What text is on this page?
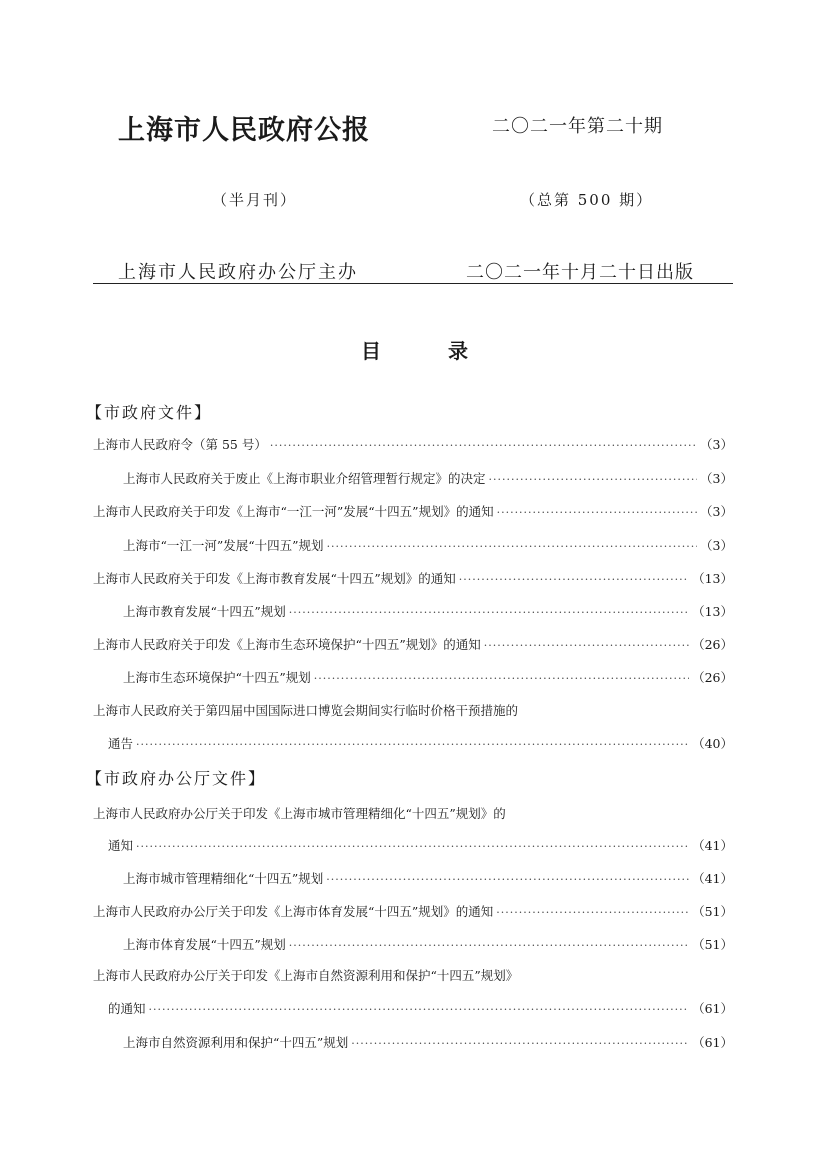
上海市人民政府公报	二〇二一年第二十期
（半月刊）	（总第 500 期）
上海市人民政府办公厅主办	二〇二一年十月二十日出版
目	录
【市政府文件】
上海市人民政府令（第 55 号） ·····	（3）
上海市人民政府关于废止《上海市职业介绍管理暂行规定》的决定 ·····	（3）
上海市人民政府关于印发《上海市“一江一河”发展“十四五”规划》的通知 ·····	（3）
上海市“一江一河”发展“十四五”规划 ·····	（3）
上海市人民政府关于印发《上海市教育发展“十四五”规划》的通知 ·····	（13）
上海市教育发展“十四五”规划 ·····	（13）
上海市人民政府关于印发《上海市生态环境保护“十四五”规划》的通知 ·····	（26）
上海市生态环境保护“十四五”规划 ·····	（26）
上海市人民政府关于第四届中国国际进口博览会期间实行临时价格干预措施的
通告 ·····	（40）
【市政府办公厅文件】
上海市人民政府办公厅关于印发《上海市城市管理精细化“十四五”规划》的
通知 ·····	（41）
上海市城市管理精细化“十四五”规划 ·····	（41）
上海市人民政府办公厅关于印发《上海市体育发展“十四五”规划》的通知 ·····	（51）
上海市体育发展“十四五”规划 ·····	（51）
上海市人民政府办公厅关于印发《上海市自然资源利用和保护“十四五”规划》
的通知 ·····	（61）
上海市自然资源利用和保护“十四五”规划 ·····	（61）
